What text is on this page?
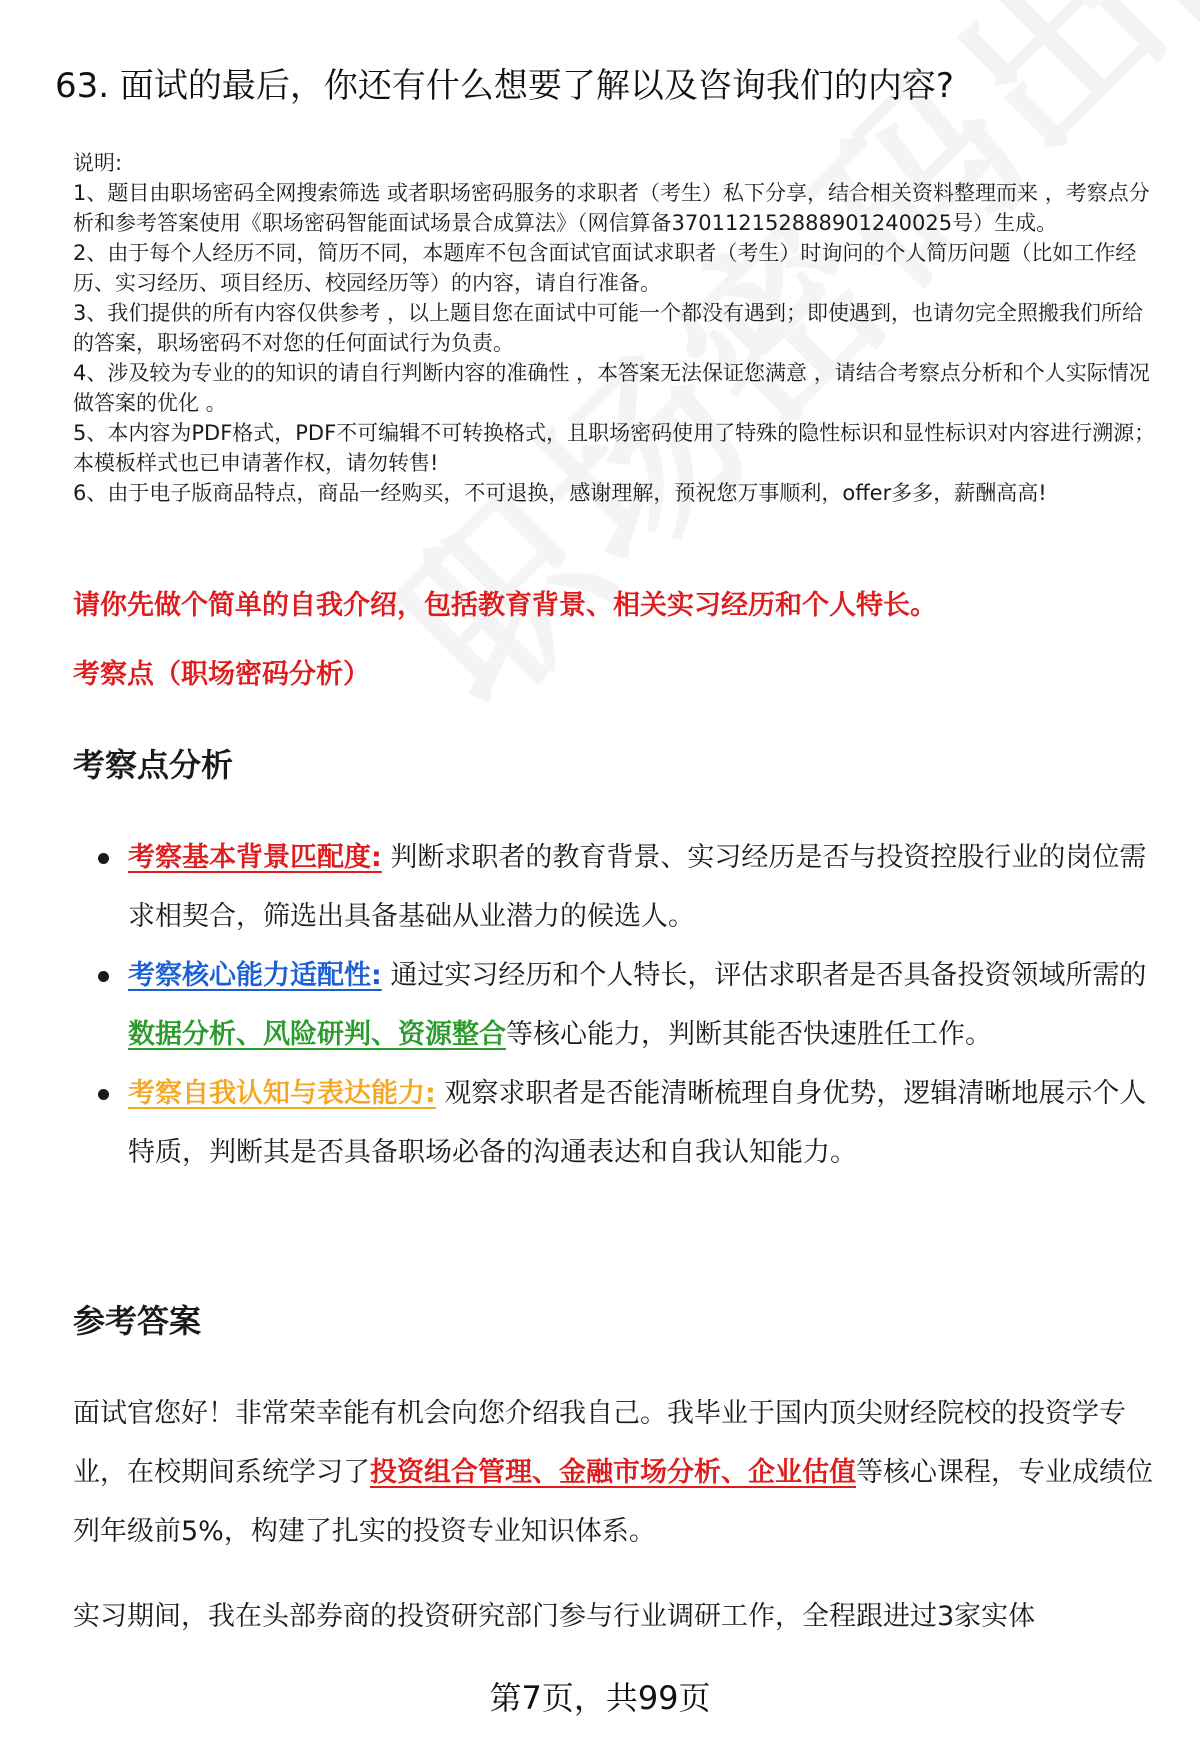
63. 面试的最后，你还有什么想要了解以及咨询我们的内容?

说明:

1、题目由职场密码全网搜索筛选 或者职场密码服务的求职者（考生）私下分享，结合相关资料整理而来 ，考察点分析和参考答案使用《职场密码智能面试场景合成算法》（网信算备370112152888901240025号）生成。

2、由于每个人经历不同，简历不同，本题库不包含面试官面试求职者（考生）时询问的个人简历问题（比如工作经历、实习经历、项目经历、校园经历等）的内容，请自行准备。

3、我们提供的所有内容仅供参考 ，以上题目您在面试中可能一个都没有遇到；即使遇到，也请勿完全照搬我们所给的答案，职场密码不对您的任何面试行为负责。

4、涉及较为专业的的知识的请自行判断内容的准确性 ，本答案无法保证您满意 ，请结合考察点分析和个人实际情况做答案的优化 。

5、本内容为PDF格式，PDF不可编辑不可转换格式，且职场密码使用了特殊的隐性标识和显性标识对内容进行溯源；本模板样式也已申请著作权，请勿转售!

6、由于电子版商品特点，商品一经购买，不可退换，感谢理解，预祝您万事顺利，offer多多，薪酬高高!

请你先做个简单的自我介绍，包括教育背景、相关实习经历和个人特长。

考察点（职场密码分析）

考察点分析
考察基本背景匹配度: 判断求职者的教育背景、实习经历是否与投资控股行业的岗位需求相契合，筛选出具备基础从业潜力的候选人。
考察核心能力适配性: 通过实习经历和个人特长，评估求职者是否具备投资领域所需的数据分析、风险研判、资源整合等核心能力，判断其能否快速胜任工作。
考察自我认知与表达能力: 观察求职者是否能清晰梳理自身优势，逻辑清晰地展示个人特质，判断其是否具备职场必备的沟通表达和自我认知能力。
参考答案

面试官您好！非常荣幸能有机会向您介绍我自己。我毕业于国内顶尖财经院校的投资学专业，在校期间系统学习了投资组合管理、金融市场分析、企业估值等核心课程，专业成绩位列年级前5%，构建了扎实的投资专业知识体系。

实习期间，我在头部券商的投资研究部门参与行业调研工作，全程跟进过3家实体

第7页，共99页
